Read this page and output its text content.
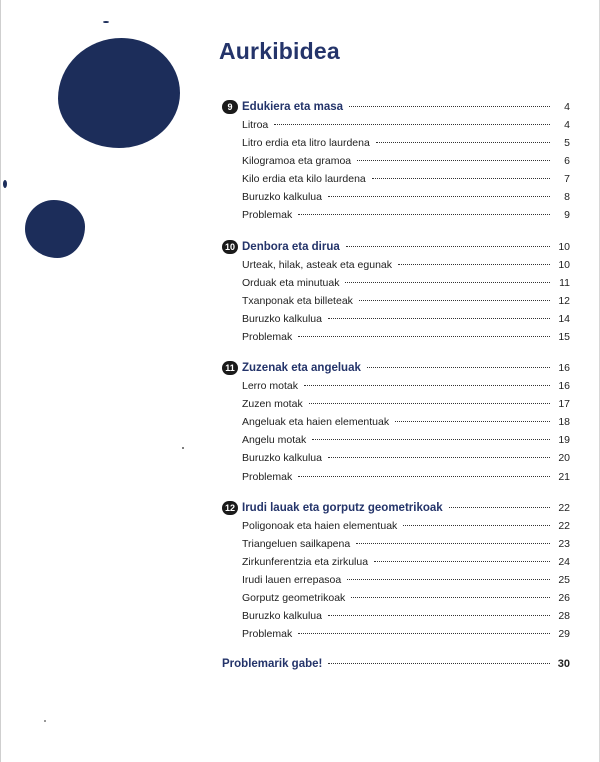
Aurkibidea
9 Edukiera eta masa	4
Litroa	4
Litro erdia eta litro laurdena	5
Kilogramoa eta gramoa	6
Kilo erdia eta kilo laurdena	7
Buruzko kalkulua	8
Problemak	9
10 Denbora eta dirua	10
Urteak, hilak, asteak eta egunak	10
Orduak eta minutuak	11
Txanponak eta billeteak	12
Buruzko kalkulua	14
Problemak	15
11 Zuzenak eta angeluak	16
Lerro motak	16
Zuzen motak	17
Angeluak eta haien elementuak	18
Angelu motak	19
Buruzko kalkulua	20
Problemak	21
12 Irudi lauak eta gorputz geometrikoak	22
Poligonoak eta haien elementuak	22
Triangeluen sailkapena	23
Zirkunferentzia eta zirkulua	24
Irudi lauen errepasoa	25
Gorputz geometrikoak	26
Buruzko kalkulua	28
Problemak	29
Problemarik gabe!	30
